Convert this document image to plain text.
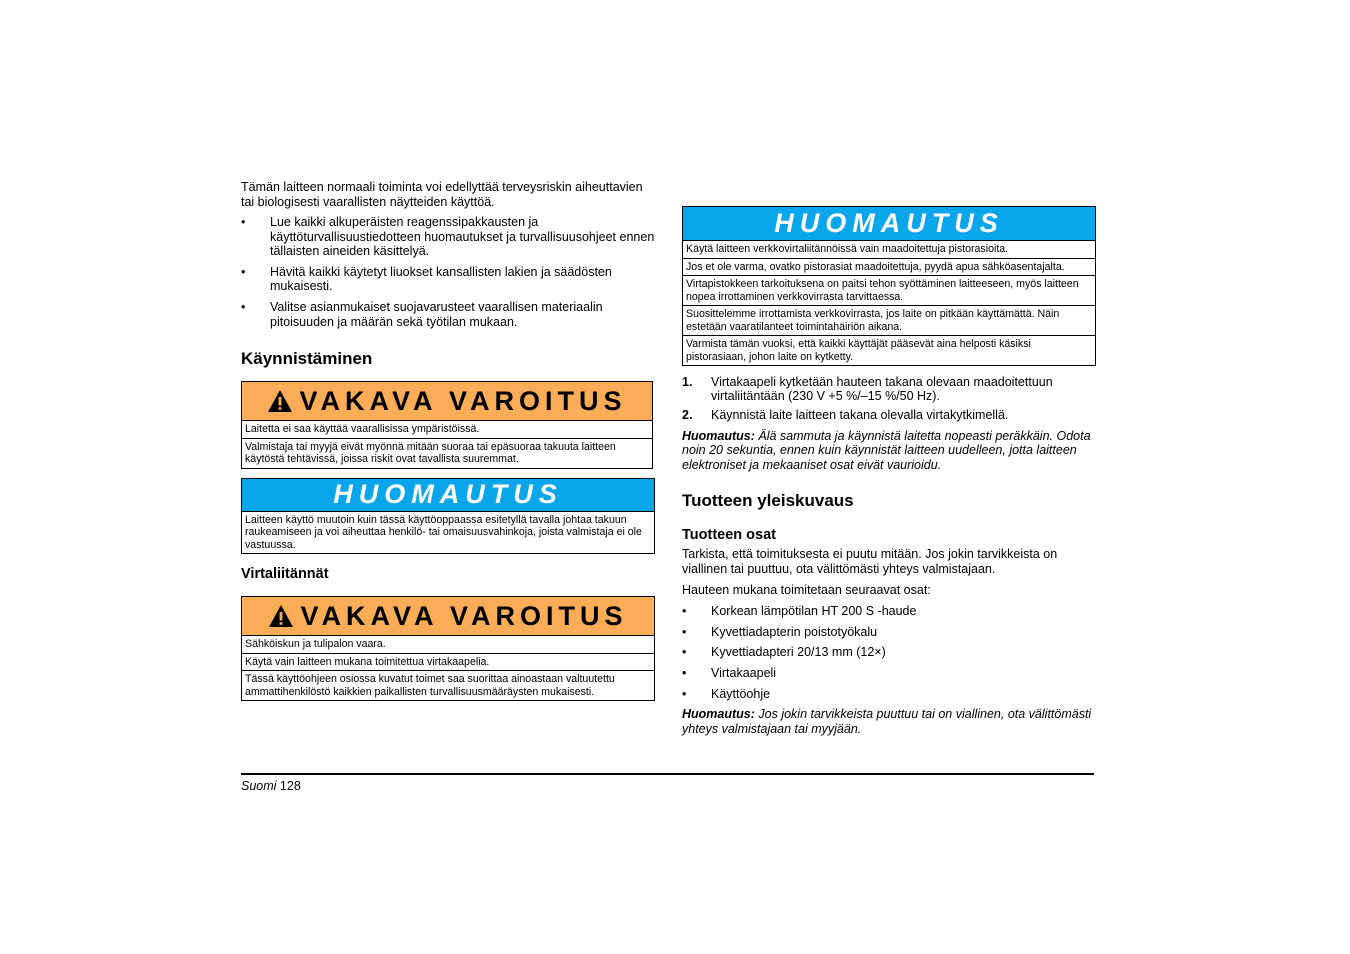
Tämän laitteen normaali toiminta voi edellyttää terveysriskin aiheuttavien tai biologisesti vaarallisten näytteiden käyttöä.

• Lue kaikki alkuperäisten reagenssipakkausten ja käyttöturvallisuustiedotteen huomautukset ja turvallisuusohjeet ennen tällaisten aineiden käsittelyä.
• Hävitä kaikki käytetyt liuokset kansallisten lakien ja säädösten mukaisesti.
• Valitse asianmukaiset suojavarusteet vaarallisen materiaalin pitoisuuden ja määrän sekä työtilan mukaan.
Käynnistäminen
VAKAVA VAROITUS
Laitetta ei saa käyttää vaarallisissa ympäristöissä.
Valmistaja tai myyjä eivät myönnä mitään suoraa tai epäsuoraa takuuta laitteen käytöstä tehtävissä, joissa riskit ovat tavallista suuremmat.
HUOMAUTUS
Laitteen käyttö muutoin kuin tässä käyttöoppaassa esitetyllä tavalla johtaa takuun raukeamiseen ja voi aiheuttaa henkilö- tai omaisuusvahinkoja, joista valmistaja ei ole vastuussa.
Virtaliitännät
VAKAVA VAROITUS
Sähköiskun ja tulipalon vaara.
Käytä vain laitteen mukana toimitettua virtakaapelia.
Tässä käyttöohjeen osiossa kuvatut toimet saa suorittaa ainoastaan valtuutettu ammattihenkilöstö kaikkien paikallisten turvallisuusmääräysten mukaisesti.
HUOMAUTUS
Käytä laitteen verkkovirtaliitännöissä vain maadoitettuja pistorasioita.
Jos et ole varma, ovatko pistorasiat maadoitettuja, pyydä apua sähköasentajalta.
Virtapistokkeen tarkoituksena on paitsi tehon syöttäminen laitteeseen, myös laitteen nopea irrottaminen verkkovirrasta tarvittaessa.
Suosittelemme irrottamista verkkovirrasta, jos laite on pitkään käyttämättä. Näin estetään vaaratilanteet toimintahäiriön aikana.
Varmista tämän vuoksi, että kaikki käyttäjät pääsevät aina helposti käsiksi pistorasiaan, johon laite on kytketty.
1. Virtakaapeli kytketään hauteen takana olevaan maadoitettuun virtaliitäntään (230 V +5 %/–15 %/50 Hz).
2. Käynnistä laite laitteen takana olevalla virtakytkimellä.

Huomautus: Älä sammuta ja käynnistä laitetta nopeasti peräkkäin. Odota noin 20 sekuntia, ennen kuin käynnistät laitteen uudelleen, jotta laitteen elektroniset ja mekaaniset osat eivät vaurioidu.

Tuotteen yleiskuvaus
Tuotteen osat

Tarkista, että toimituksesta ei puutu mitään. Jos jokin tarvikkeista on viallinen tai puuttuu, ota välittömästi yhteys valmistajaan.

Hauteen mukana toimitetaan seuraavat osat:

• Korkean lämpötilan HT 200 S -haude
• Kyvettiadapterin poistotyökalu
• Kyvettiadapteri 20/13 mm (12×)
• Virtakaapeli
• Käyttöohje

Huomautus: Jos jokin tarvikkeista puuttuu tai on viallinen, ota välittömästi yhteys valmistajaan tai myyjään.

Suomi 128
